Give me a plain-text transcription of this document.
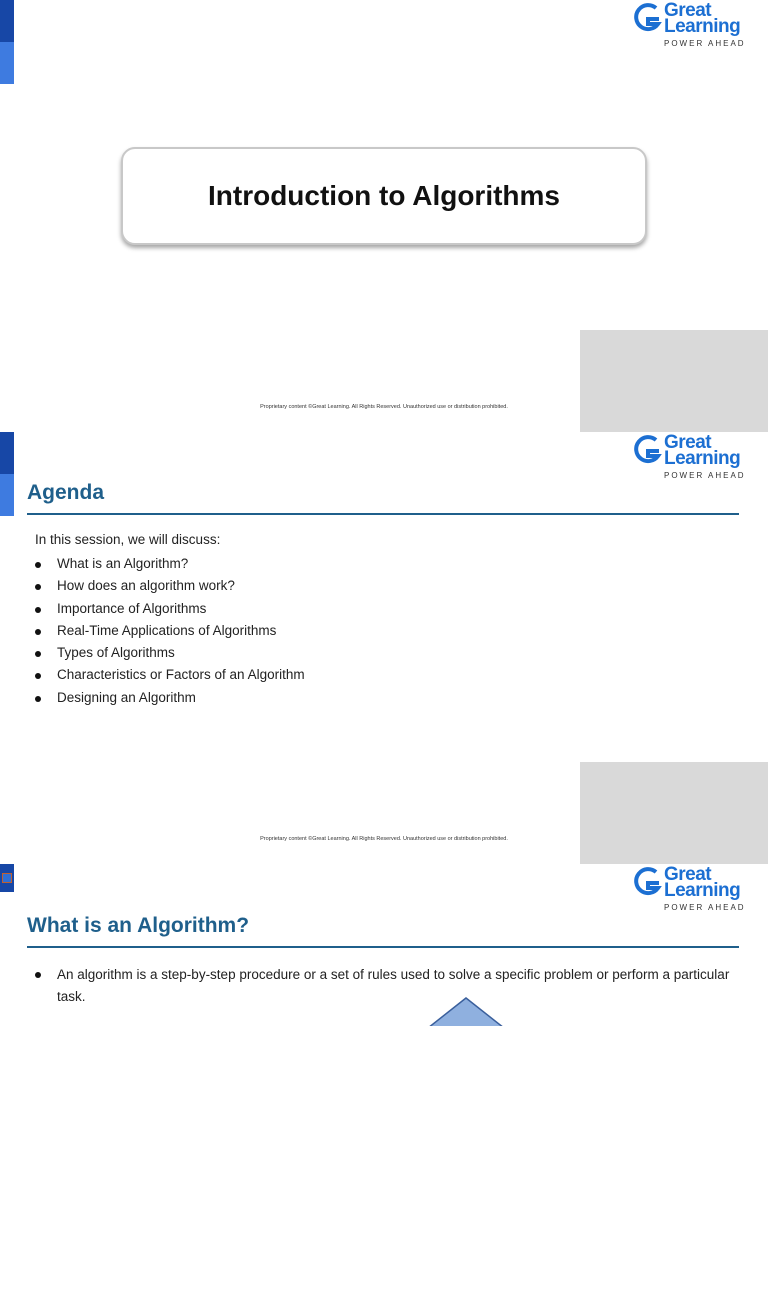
Great
Learning
POWER AHEAD
Introduction to Algorithms
Proprietary content ©Great Learning. All Rights Reserved. Unauthorized use or distribution prohibited.
Great
Learning
POWER AHEAD
Agenda
In this session, we will discuss:
What is an Algorithm?
How does an algorithm work?
Importance of Algorithms
Real-Time Applications of Algorithms
Types of Algorithms
Characteristics or Factors of an Algorithm
Designing an Algorithm
Proprietary content ©Great Learning. All Rights Reserved. Unauthorized use or distribution prohibited.
Great
Learning
POWER AHEAD
What is an Algorithm?
An algorithm is a step-by-step procedure or a set of rules used to solve a specific problem or perform a particular task.
